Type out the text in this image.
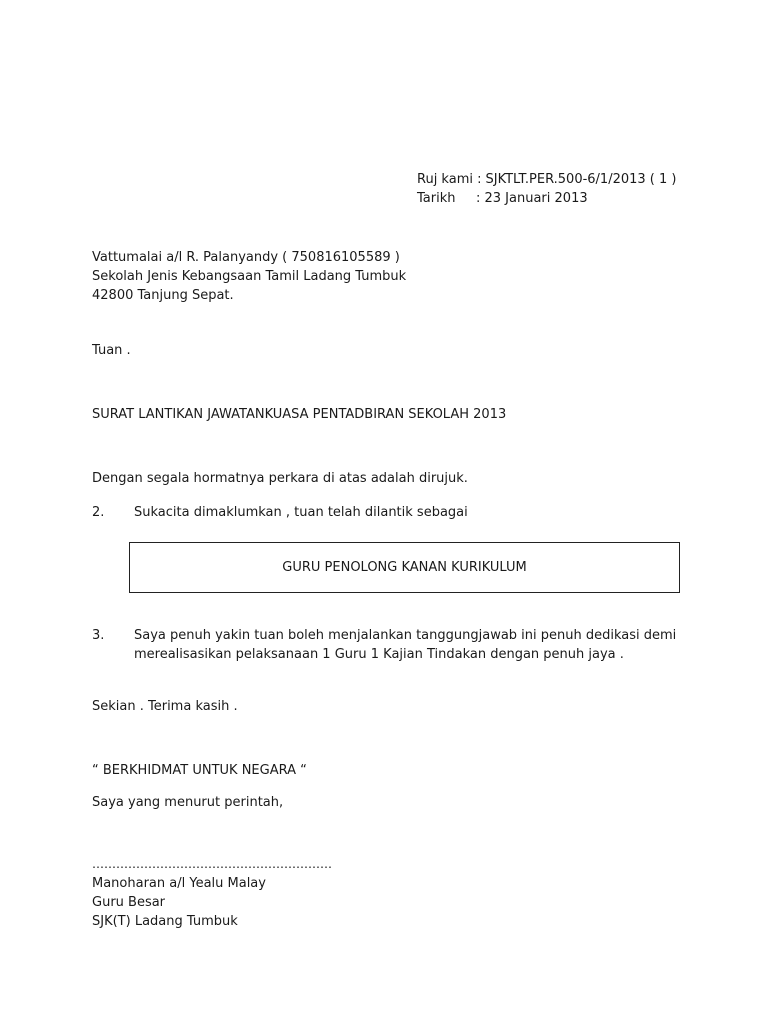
Ruj kami : SJKTLT.PER.500-6/1/2013 ( 1 )
Tarikh	: 23 Januari 2013
Vattumalai a/l R. Palanyandy ( 750816105589 )
Sekolah Jenis Kebangsaan Tamil Ladang Tumbuk
42800 Tanjung Sepat.
Tuan .
SURAT LANTIKAN JAWATANKUASA PENTADBIRAN SEKOLAH 2013
Dengan segala hormatnya perkara di atas adalah dirujuk.
2.	Sukacita dimaklumkan , tuan telah dilantik sebagai
GURU PENOLONG KANAN KURIKULUM
3.	Saya penuh yakin tuan boleh menjalankan tanggungjawab ini penuh dedikasi demi
merealisasikan pelaksanaan 1 Guru 1 Kajian Tindakan dengan penuh jaya .
Sekian . Terima kasih .
“ BERKHIDMAT UNTUK NEGARA “
Saya yang menurut perintah,
……………………………………………………
Manoharan a/l Yealu Malay
Guru Besar
SJK(T) Ladang Tumbuk
